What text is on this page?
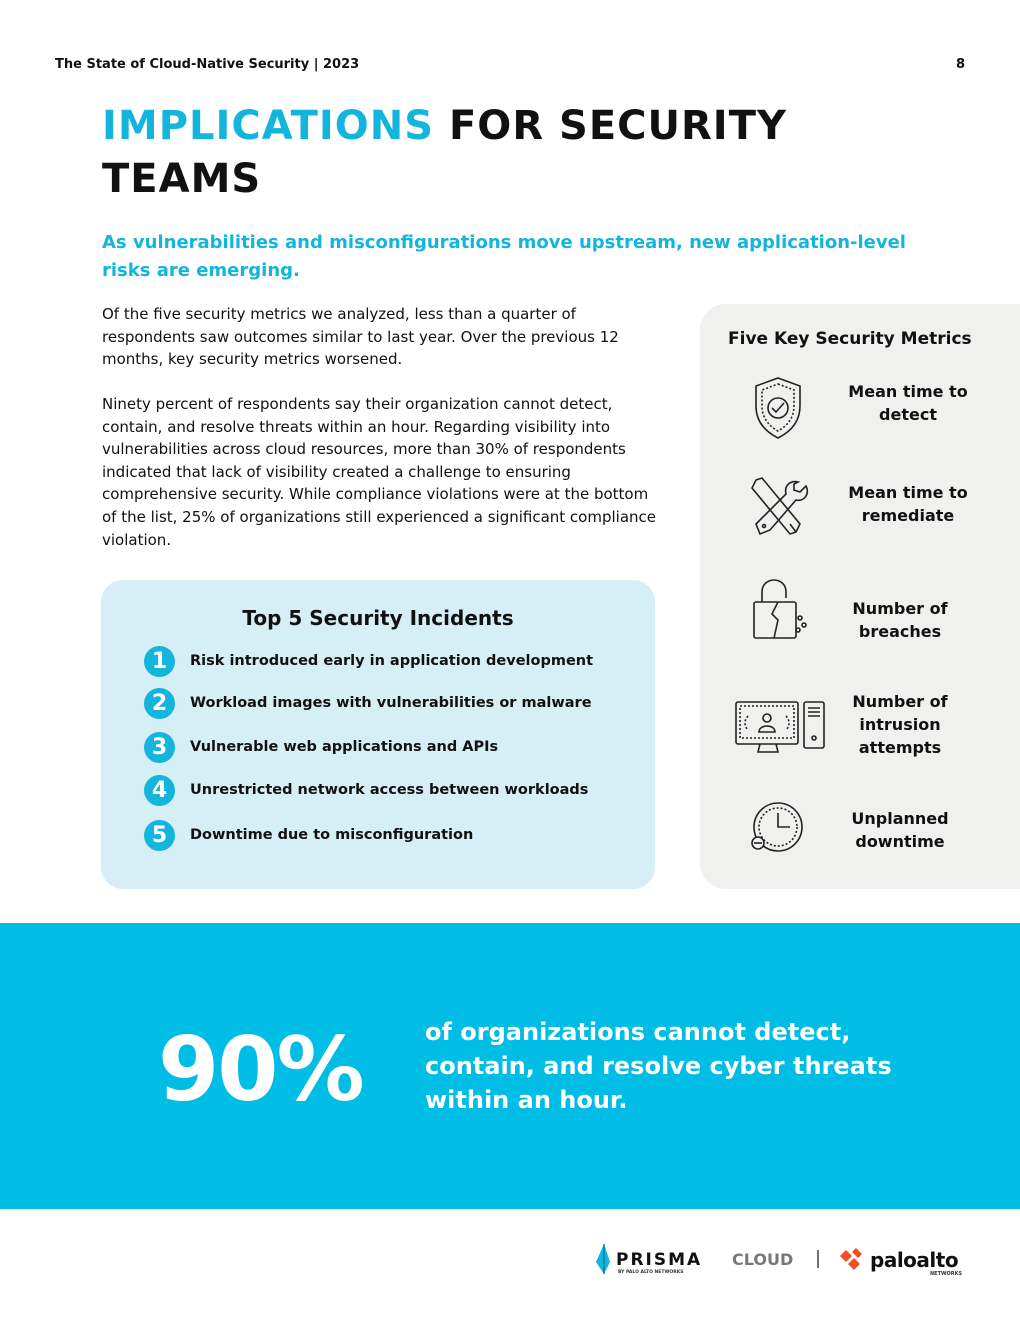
The State of Cloud-Native Security | 2023	8
IMPLICATIONS FOR SECURITY TEAMS
As vulnerabilities and misconfigurations move upstream, new application-level risks are emerging.
Of the five security metrics we analyzed, less than a quarter of respondents saw outcomes similar to last year. Over the previous 12 months, key security metrics worsened.
Ninety percent of respondents say their organization cannot detect, contain, and resolve threats within an hour. Regarding visibility into vulnerabilities across cloud resources, more than 30% of respondents indicated that lack of visibility created a challenge to ensuring comprehensive security. While compliance violations were at the bottom of the list, 25% of organizations still experienced a significant compliance violation.
Top 5 Security Incidents
1	Risk introduced early in application development
2	Workload images with vulnerabilities or malware
3	Vulnerable web applications and APIs
4	Unrestricted network access between workloads
5	Downtime due to misconfiguration
Five Key Security Metrics
Mean time to detect
Mean time to remediate
Number of breaches
Number of intrusion attempts
Unplanned downtime
90%	of organizations cannot detect, contain, and resolve cyber threats within an hour.
PRISMA CLOUD
BY PALO ALTO NETWORKS
paloalto
NETWORKS
